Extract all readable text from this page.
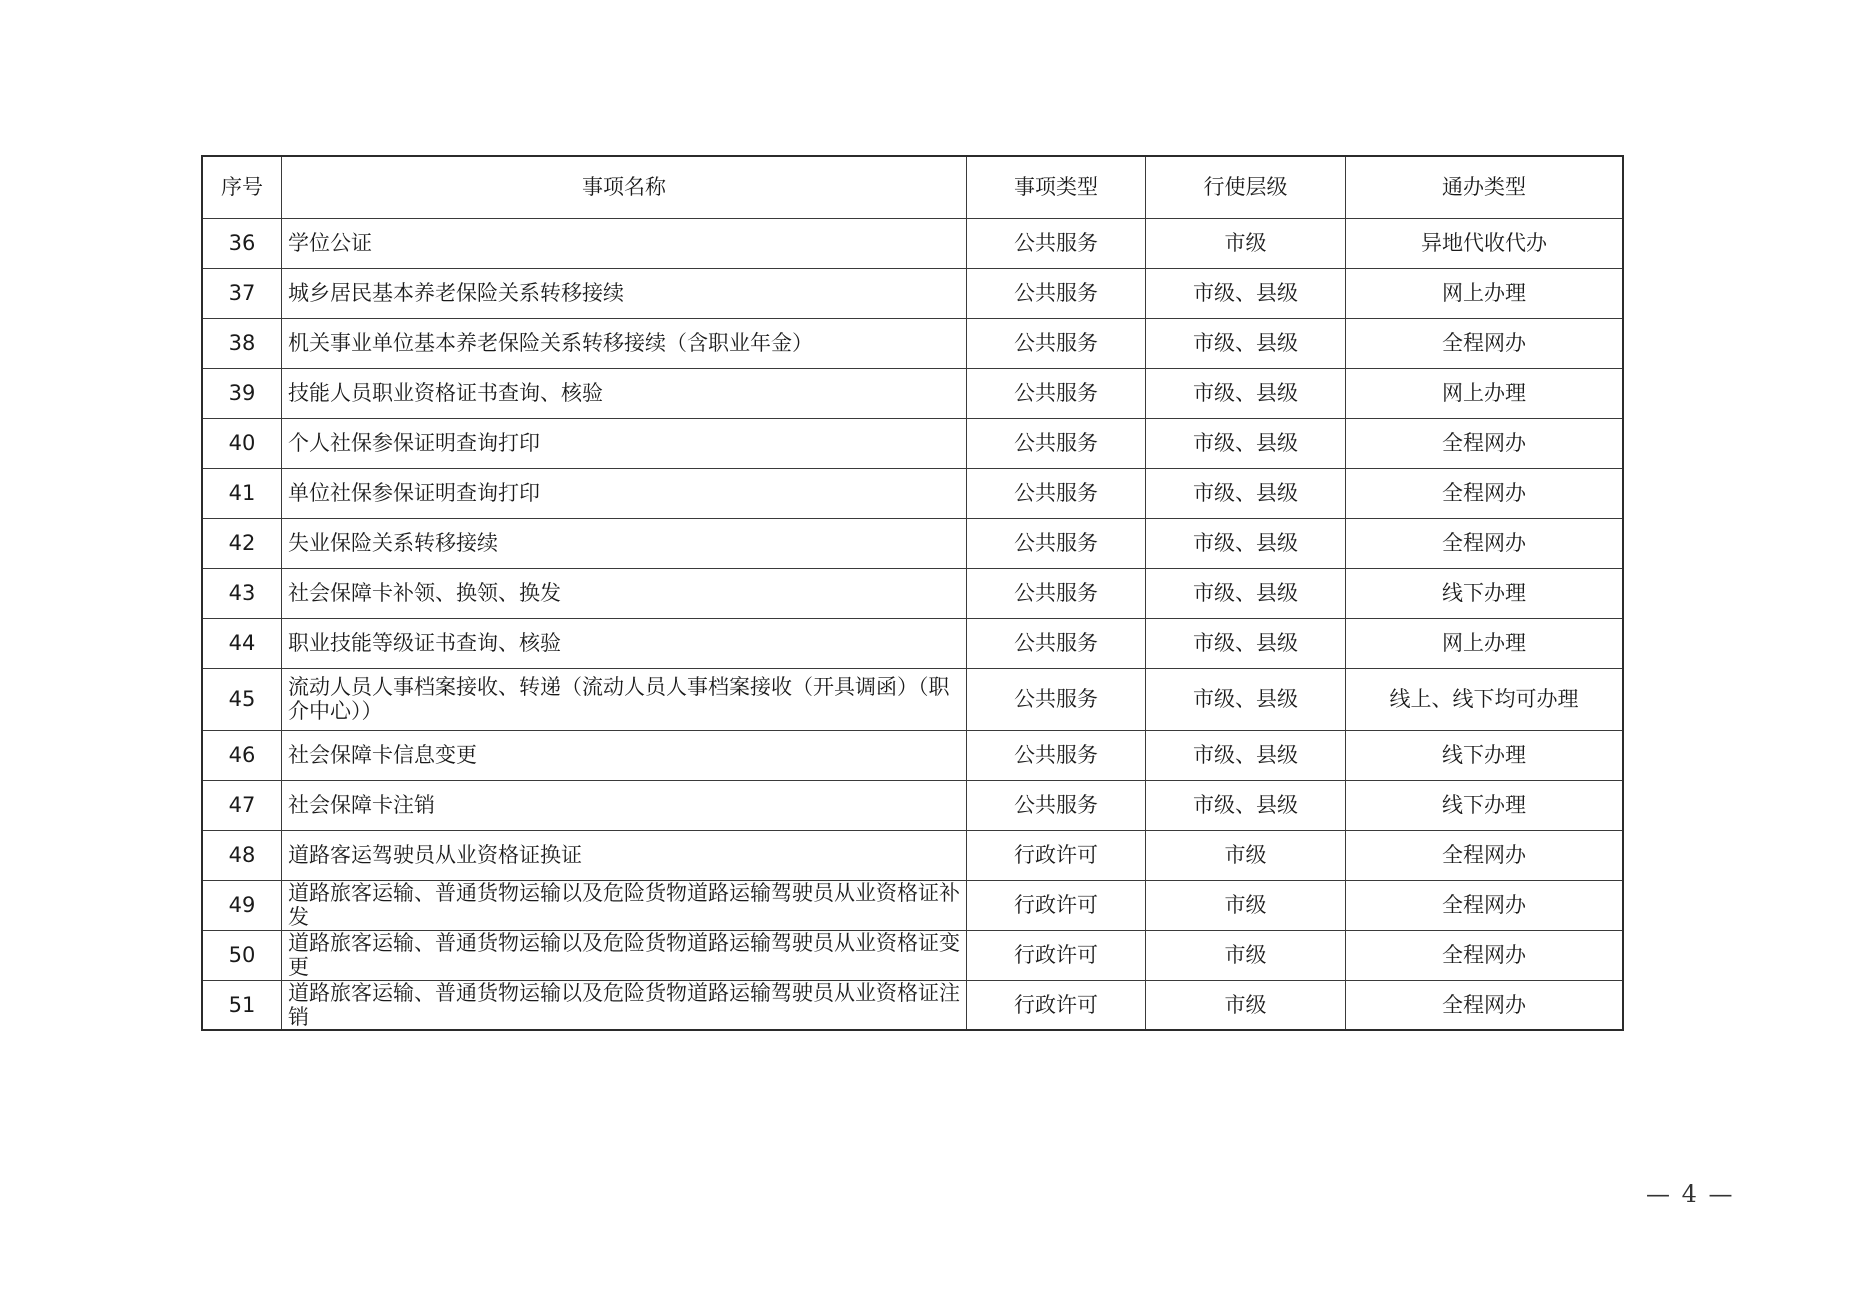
序号	事项名称	事项类型	行使层级	通办类型
36	学位公证	公共服务	市级	异地代收代办
37	城乡居民基本养老保险关系转移接续	公共服务	市级、县级	网上办理
38	机关事业单位基本养老保险关系转移接续（含职业年金）	公共服务	市级、县级	全程网办
39	技能人员职业资格证书查询、核验	公共服务	市级、县级	网上办理
40	个人社保参保证明查询打印	公共服务	市级、县级	全程网办
41	单位社保参保证明查询打印	公共服务	市级、县级	全程网办
42	失业保险关系转移接续	公共服务	市级、县级	全程网办
43	社会保障卡补领、换领、换发	公共服务	市级、县级	线下办理
44	职业技能等级证书查询、核验	公共服务	市级、县级	网上办理
45	流动人员人事档案接收、转递（流动人员人事档案接收（开具调函）（职介中心））	公共服务	市级、县级	线上、线下均可办理
46	社会保障卡信息变更	公共服务	市级、县级	线下办理
47	社会保障卡注销	公共服务	市级、县级	线下办理
48	道路客运驾驶员从业资格证换证	行政许可	市级	全程网办
49	道路旅客运输、普通货物运输以及危险货物道路运输驾驶员从业资格证补发	行政许可	市级	全程网办
50	道路旅客运输、普通货物运输以及危险货物道路运输驾驶员从业资格证变更	行政许可	市级	全程网办
51	道路旅客运输、普通货物运输以及危险货物道路运输驾驶员从业资格证注销	行政许可	市级	全程网办
— 4 —
